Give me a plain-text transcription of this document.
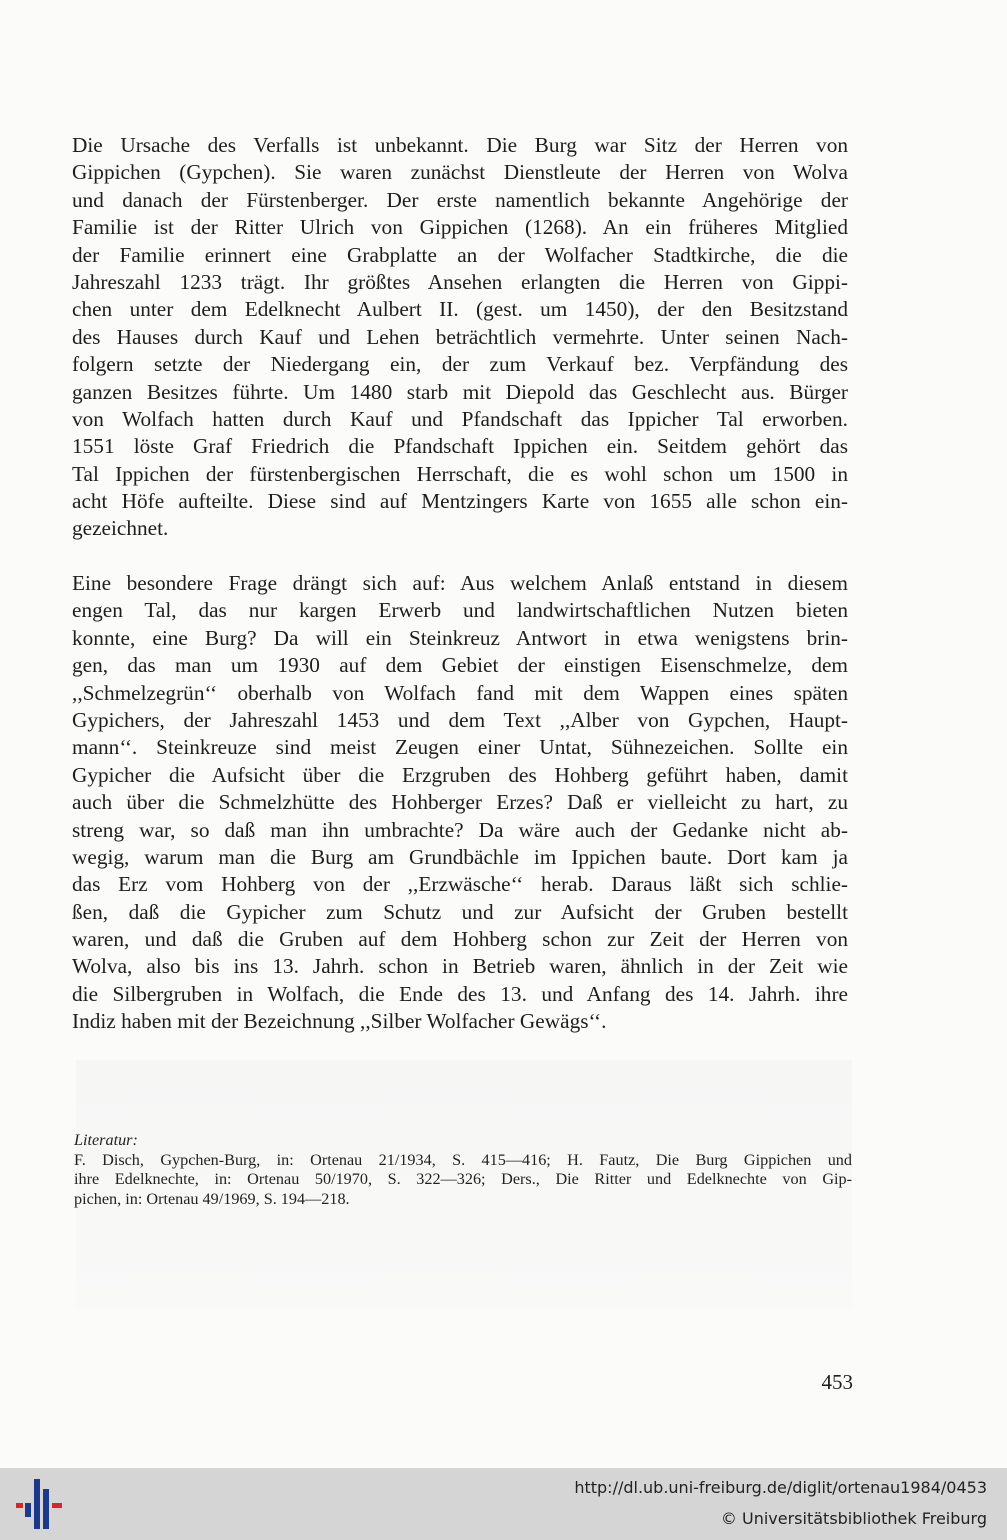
Die Ursache des Verfalls ist unbekannt. Die Burg war Sitz der Herren von
Gippichen (Gypchen). Sie waren zunächst Dienstleute der Herren von Wolva
und danach der Fürstenberger. Der erste namentlich bekannte Angehörige der
Familie ist der Ritter Ulrich von Gippichen (1268). An ein früheres Mitglied
der Familie erinnert eine Grabplatte an der Wolfacher Stadtkirche, die die
Jahreszahl 1233 trägt. Ihr größtes Ansehen erlangten die Herren von Gippi-
chen unter dem Edelknecht Aulbert II. (gest. um 1450), der den Besitzstand
des Hauses durch Kauf und Lehen beträchtlich vermehrte. Unter seinen Nach-
folgern setzte der Niedergang ein, der zum Verkauf bez. Verpfändung des
ganzen Besitzes führte. Um 1480 starb mit Diepold das Geschlecht aus. Bürger
von Wolfach hatten durch Kauf und Pfandschaft das Ippicher Tal erworben.
1551 löste Graf Friedrich die Pfandschaft Ippichen ein. Seitdem gehört das
Tal Ippichen der fürstenbergischen Herrschaft, die es wohl schon um 1500 in
acht Höfe aufteilte. Diese sind auf Mentzingers Karte von 1655 alle schon ein-
gezeichnet.
Eine besondere Frage drängt sich auf: Aus welchem Anlaß entstand in diesem
engen Tal, das nur kargen Erwerb und landwirtschaftlichen Nutzen bieten
konnte, eine Burg? Da will ein Steinkreuz Antwort in etwa wenigstens brin-
gen, das man um 1930 auf dem Gebiet der einstigen Eisenschmelze, dem
,,Schmelzegrün‘‘ oberhalb von Wolfach fand mit dem Wappen eines späten
Gypichers, der Jahreszahl 1453 und dem Text ,,Alber von Gypchen, Haupt-
mann‘‘. Steinkreuze sind meist Zeugen einer Untat, Sühnezeichen. Sollte ein
Gypicher die Aufsicht über die Erzgruben des Hohberg geführt haben, damit
auch über die Schmelzhütte des Hohberger Erzes? Daß er vielleicht zu hart, zu
streng war, so daß man ihn umbrachte? Da wäre auch der Gedanke nicht ab-
wegig, warum man die Burg am Grundbächle im Ippichen baute. Dort kam ja
das Erz vom Hohberg von der ,,Erzwäsche‘‘ herab. Daraus läßt sich schlie-
ßen, daß die Gypicher zum Schutz und zur Aufsicht der Gruben bestellt
waren, und daß die Gruben auf dem Hohberg schon zur Zeit der Herren von
Wolva, also bis ins 13. Jahrh. schon in Betrieb waren, ähnlich in der Zeit wie
die Silbergruben in Wolfach, die Ende des 13. und Anfang des 14. Jahrh. ihre
Indiz haben mit der Bezeichnung ,,Silber Wolfacher Gewägs‘‘.
Literatur:
F. Disch, Gypchen-Burg, in: Ortenau 21/1934, S. 415—416; H. Fautz, Die Burg Gippichen und
ihre Edelknechte, in: Ortenau 50/1970, S. 322—326; Ders., Die Ritter und Edelknechte von Gip-
pichen, in: Ortenau 49/1969, S. 194—218.
453
http://dl.ub.uni-freiburg.de/diglit/ortenau1984/0453
© Universitätsbibliothek Freiburg
